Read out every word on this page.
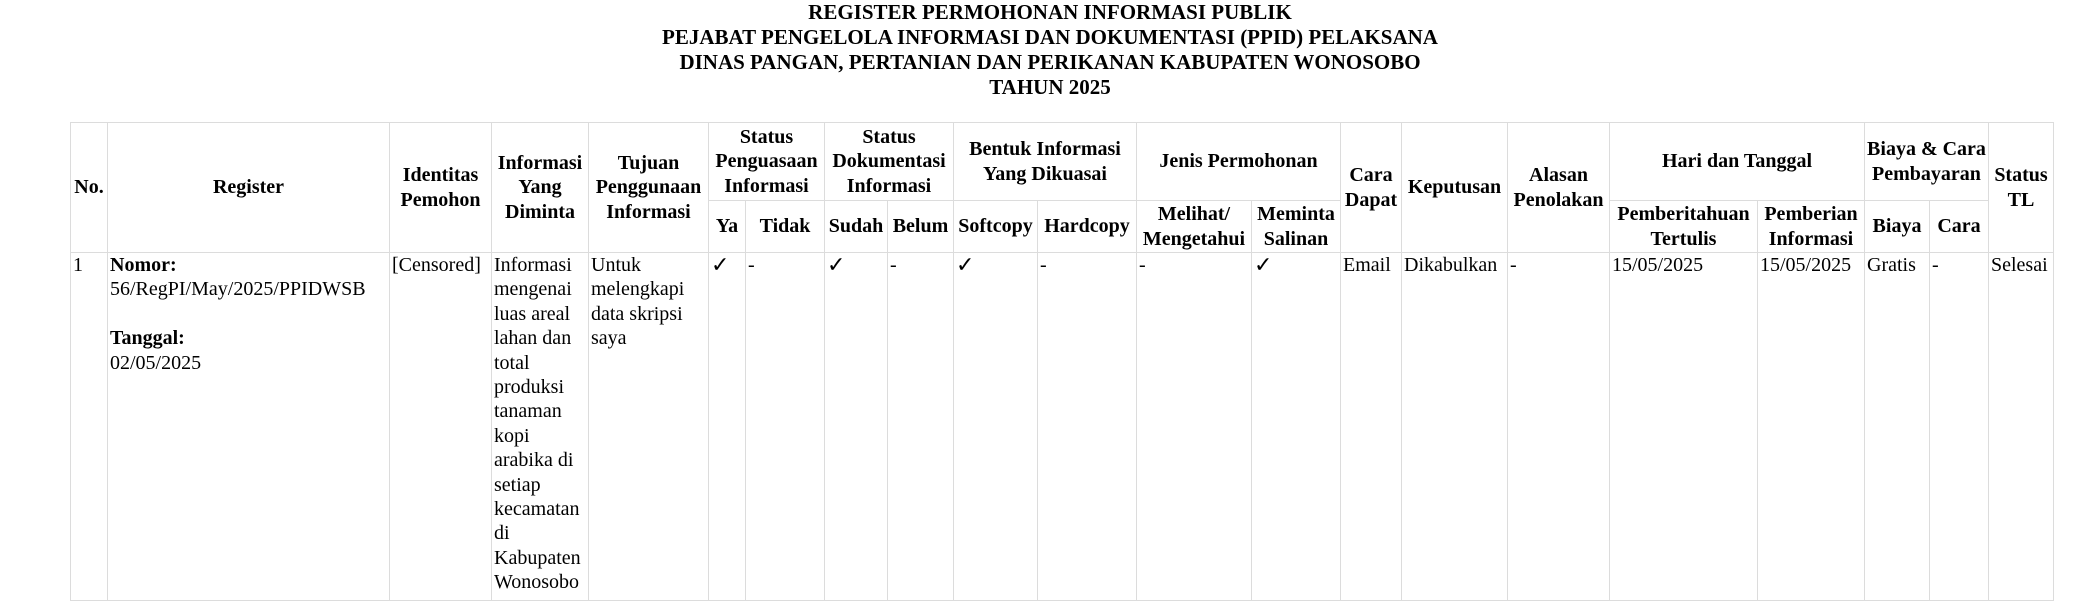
REGISTER PERMOHONAN INFORMASI PUBLIK
PEJABAT PENGELOLA INFORMASI DAN DOKUMENTASI (PPID) PELAKSANA
DINAS PANGAN, PERTANIAN DAN PERIKANAN KABUPATEN WONOSOBO
TAHUN 2025
No.	Register	Identitas Pemohon	Informasi Yang Diminta	Tujuan Penggunaan Informasi	Status Penguasaan Informasi		Status Dokumentasi Informasi		Bentuk Informasi Yang Dikuasai		Jenis Permohonan		Cara Dapat	Keputusan	Alasan Penolakan	Hari dan Tanggal		Biaya & Cara Pembayaran		Status TL
					Ya	Tidak	Sudah	Belum	Softcopy	Hardcopy	Melihat/ Mengetahui	Meminta Salinan				Pemberitahuan Tertulis	Pemberian Informasi	Biaya	Cara	
1	Nomor:
56/RegPI/May/2025/PPIDWSB

Tanggal:
02/05/2025	[Censored]	Informasi mengenai luas areal lahan dan total produksi tanaman kopi arabika di setiap kecamatan di Kabupaten Wonosobo	Untuk melengkapi data skripsi saya	✓	-	✓	-	✓	-	-	✓	Email	Dikabulkan	-	15/05/2025	15/05/2025	Gratis	-	Selesai
